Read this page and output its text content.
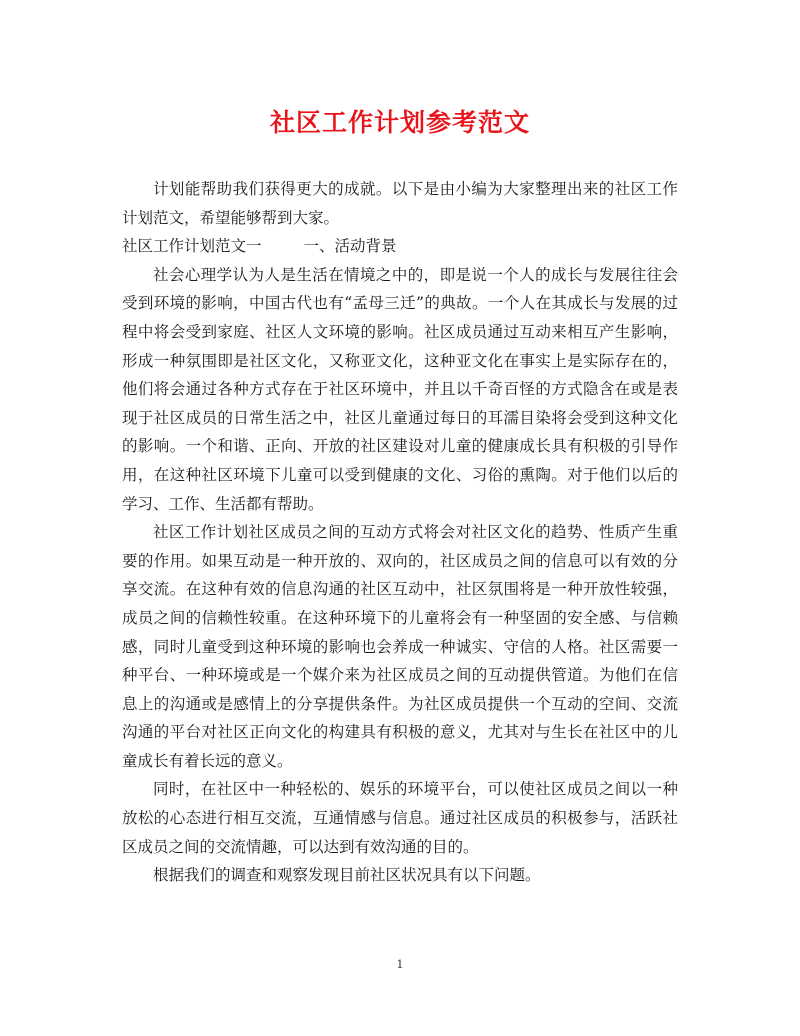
社区工作计划参考范文

计划能帮助我们获得更大的成就。以下是由小编为大家整理出来的社区工作计划范文，希望能够帮到大家。

社区工作计划范文一	一、活动背景

社会心理学认为人是生活在情境之中的，即是说一个人的成长与发展往往会受到环境的影响，中国古代也有“孟母三迁”的典故。一个人在其成长与发展的过程中将会受到家庭、社区人文环境的影响。社区成员通过互动来相互产生影响，形成一种氛围即是社区文化，又称亚文化，这种亚文化在事实上是实际存在的，他们将会通过各种方式存在于社区环境中，并且以千奇百怪的方式隐含在或是表现于社区成员的日常生活之中，社区儿童通过每日的耳濡目染将会受到这种文化的影响。一个和谐、正向、开放的社区建设对儿童的健康成长具有积极的引导作用，在这种社区环境下儿童可以受到健康的文化、习俗的熏陶。对于他们以后的学习、工作、生活都有帮助。

社区工作计划社区成员之间的互动方式将会对社区文化的趋势、性质产生重要的作用。如果互动是一种开放的、双向的，社区成员之间的信息可以有效的分享交流。在这种有效的信息沟通的社区互动中，社区氛围将是一种开放性较强，成员之间的信赖性较重。在这种环境下的儿童将会有一种坚固的安全感、与信赖感，同时儿童受到这种环境的影响也会养成一种诚实、守信的人格。社区需要一种平台、一种环境或是一个媒介来为社区成员之间的互动提供管道。为他们在信息上的沟通或是感情上的分享提供条件。为社区成员提供一个互动的空间、交流沟通的平台对社区正向文化的构建具有积极的意义，尤其对与生长在社区中的儿童成长有着长远的意义。

同时，在社区中一种轻松的、娱乐的环境平台，可以使社区成员之间以一种放松的心态进行相互交流，互通情感与信息。通过社区成员的积极参与，活跃社区成员之间的交流情趣，可以达到有效沟通的目的。

根据我们的调查和观察发现目前社区状况具有以下问题。

1
